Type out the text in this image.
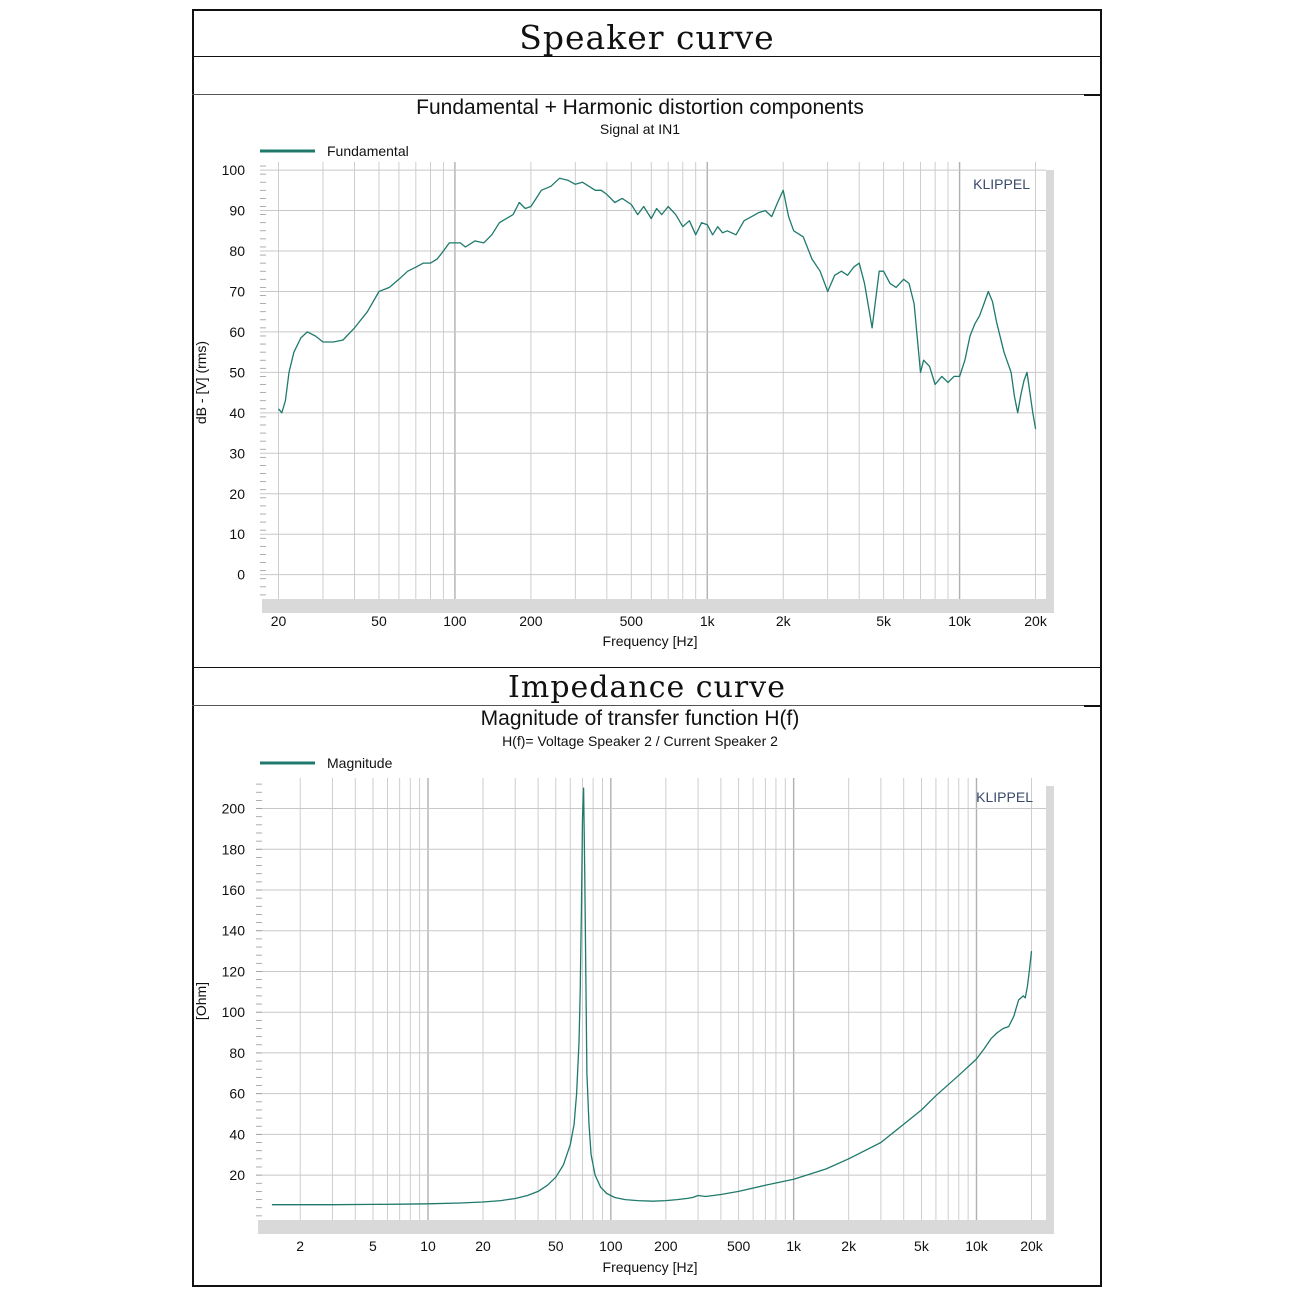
Speaker curve
Impedance curve
Fundamental + Harmonic distortion components
Signal at IN1
Fundamental
KLIPPEL
0
10
20
30
40
50
60
70
80
90
100
20	50	100	200	500	1k	2k	5k	10k	20k
Frequency [Hz]
dB - [V] (rms)
Magnitude of transfer function H(f)
H(f)= Voltage Speaker 2 / Current Speaker 2
Magnitude
KLIPPEL
20
40
60
80
100
120
140
160
180
200
2	5	10	20	50	100 200	500	1k	2k	5k	10k 20k
Frequency [Hz]
[Ohm]
